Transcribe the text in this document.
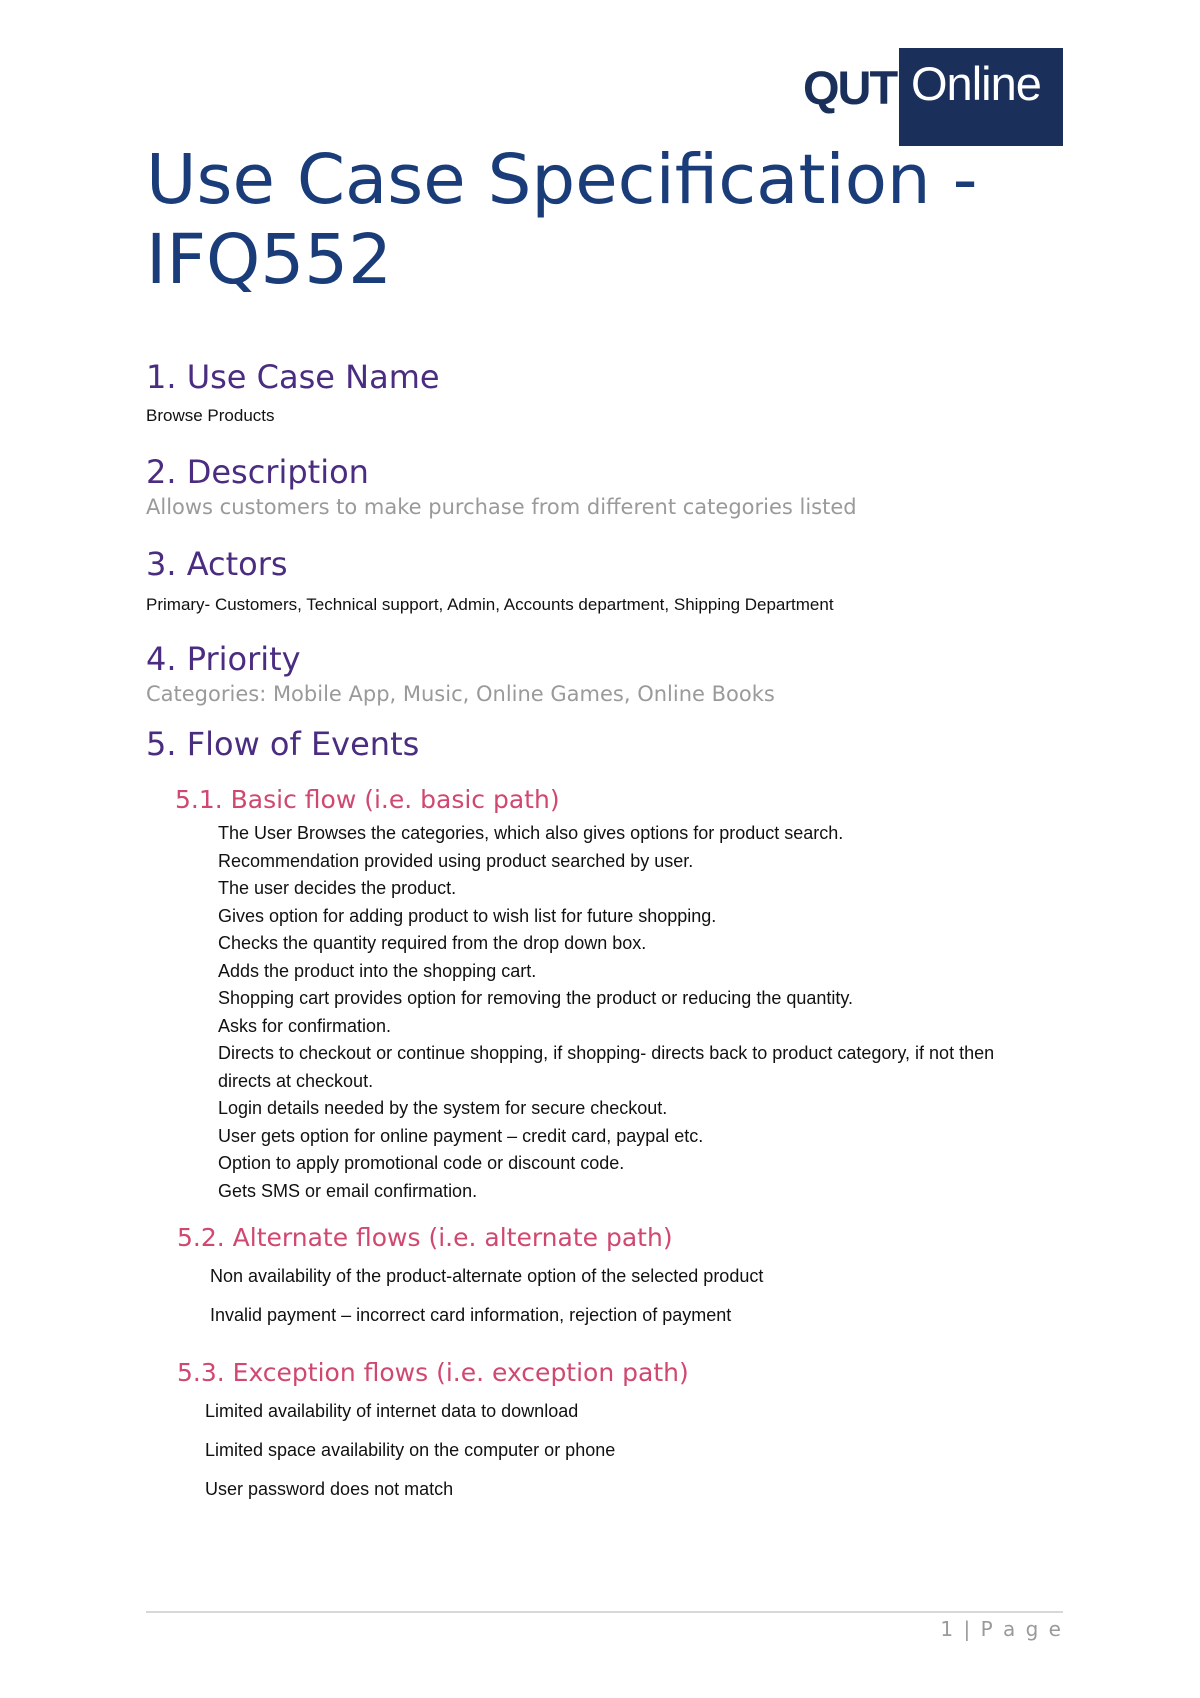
QUT Online
Use Case Specification -IFQ552
1. Use Case Name

Browse Products

2. Description

Allows customers to make purchase from different categories listed

3. Actors

Primary- Customers, Technical support, Admin, Accounts department, Shipping Department

4. Priority

Categories: Mobile App, Music, Online Games, Online Books

5. Flow of Events
5.1. Basic flow (i.e. basic path)
The User Browses the categories, which also gives options for product search.
Recommendation provided using product searched by user.
The user decides the product.
Gives option for adding product to wish list for future shopping.
Checks the quantity required from the drop down box.
Adds the product into the shopping cart.
Shopping cart provides option for removing the product or reducing the quantity.
Asks for confirmation.
Directs to checkout or continue shopping, if shopping- directs back to product category, if not then directs at checkout.
Login details needed by the system for secure checkout.
User gets option for online payment – credit card, paypal etc.
Option to apply promotional code or discount code.
Gets SMS or email confirmation.
5.2. Alternate flows (i.e. alternate path)
Non availability of the product-alternate option of the selected product
Invalid payment – incorrect card information, rejection of payment
5.3. Exception flows (i.e. exception path)
Limited availability of internet data to download
Limited space availability on the computer or phone
User password does not match
1 | P a g e
